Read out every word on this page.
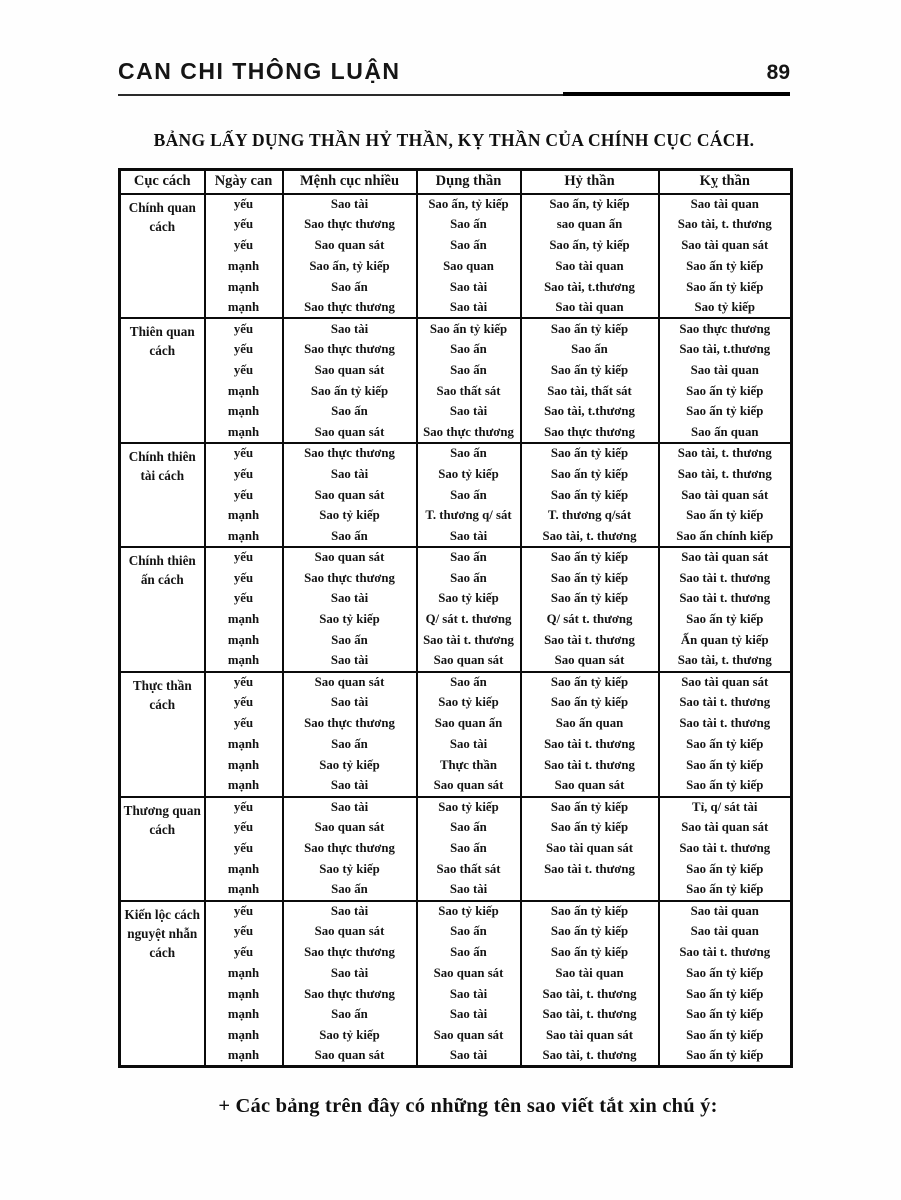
CAN CHI THÔNG LUẬN	89
BẢNG LẤY DỤNG THẦN HỶ THẦN, KỴ THẦN CỦA CHÍNH CỤC CÁCH.
Cục cách	Ngày can	Mệnh cục nhiều	Dụng thần	Hỷ thần	Kỵ thần
Chính quan cách	yếu	Sao tài	Sao ấn, tỷ kiếp	Sao ấn, tỷ kiếp	Sao tài quan
	yếu	Sao thực thương	Sao ấn	sao quan ấn	Sao tài, t. thương
	yếu	Sao quan sát	Sao ấn	Sao ấn, tỷ kiếp	Sao tài quan sát
	mạnh	Sao ấn, tỷ kiếp	Sao quan	Sao tài quan	Sao ấn tỷ kiếp
	mạnh	Sao ấn	Sao tài	Sao tài, t.thương	Sao ấn tỷ kiếp
	mạnh	Sao thực thương	Sao tài	Sao tài quan	Sao tỷ kiếp
Thiên quan cách	yếu	Sao tài	Sao ấn tỷ kiếp	Sao ấn tỷ kiếp	Sao thực thương
	yếu	Sao thực thương	Sao ấn	Sao ấn	Sao tài, t.thương
	yếu	Sao quan sát	Sao ấn	Sao ấn tỷ kiếp	Sao tài quan
	mạnh	Sao ấn tỷ kiếp	Sao thất sát	Sao tài, thất sát	Sao ấn tỷ kiếp
	mạnh	Sao ấn	Sao tài	Sao tài, t.thương	Sao ấn tỷ kiếp
	mạnh	Sao quan sát	Sao thực thương	Sao thực thương	Sao ấn quan
Chính thiên tài cách	yếu	Sao thực thương	Sao ấn	Sao ấn tỷ kiếp	Sao tài, t. thương
	yếu	Sao tài	Sao tỷ kiếp	Sao ấn tỷ kiếp	Sao tài, t. thương
	yếu	Sao quan sát	Sao ấn	Sao ấn tỷ kiếp	Sao tài quan sát
	mạnh	Sao tỷ kiếp	T. thương q/ sát	T. thương q/sát	Sao ấn tỷ kiếp
	mạnh	Sao ấn	Sao tài	Sao tài, t. thương	Sao ấn chính kiếp
Chính thiên ấn cách	yếu	Sao quan sát	Sao ấn	Sao ấn tỷ kiếp	Sao tài quan sát
	yếu	Sao thực thương	Sao ấn	Sao ấn tỷ kiếp	Sao tài t. thương
	yếu	Sao tài	Sao tỷ kiếp	Sao ấn tỷ kiếp	Sao tài t. thương
	mạnh	Sao tỷ kiếp	Q/ sát t. thương	Q/ sát t. thương	Sao ấn tỷ kiếp
	mạnh	Sao ấn	Sao tài t. thương	Sao tài t. thương	Ấn quan tỷ kiếp
	mạnh	Sao tài	Sao quan sát	Sao quan sát	Sao tài, t. thương
Thực thần cách	yếu	Sao quan sát	Sao ấn	Sao ấn tỷ kiếp	Sao tài quan sát
	yếu	Sao tài	Sao tỷ kiếp	Sao ấn tỷ kiếp	Sao tài t. thương
	yếu	Sao thực thương	Sao quan ấn	Sao ấn quan	Sao tài t. thương
	mạnh	Sao ấn	Sao tài	Sao tài t. thương	Sao ấn tỷ kiếp
	mạnh	Sao tỷ kiếp	Thực thần	Sao tài t. thương	Sao ấn tỷ kiếp
	mạnh	Sao tài	Sao quan sát	Sao quan sát	Sao ấn tỷ kiếp
Thương quan cách	yếu	Sao tài	Sao tỷ kiếp	Sao ấn tỷ kiếp	Tỉ, q/ sát tài
	yếu	Sao quan sát	Sao ấn	Sao ấn tỷ kiếp	Sao tài quan sát
	yếu	Sao thực thương	Sao ấn	Sao tài quan sát	Sao tài t. thương
	mạnh	Sao tỷ kiếp	Sao thất sát	Sao tài t. thương	Sao ấn tỷ kiếp
	mạnh	Sao ấn	Sao tài		Sao ấn tỷ kiếp
Kiến lộc cách nguyệt nhẫn cách	yếu	Sao tài	Sao tỷ kiếp	Sao ấn tỷ kiếp	Sao tài quan
	yếu	Sao quan sát	Sao ấn	Sao ấn tỷ kiếp	Sao tài quan
	yếu	Sao thực thương	Sao ấn	Sao ấn tỷ kiếp	Sao tài t. thương
	mạnh	Sao tài	Sao quan sát	Sao tài quan	Sao ấn tỷ kiếp
	mạnh	Sao thực thương	Sao tài	Sao tài, t. thương	Sao ấn tỷ kiếp
	mạnh	Sao ấn	Sao tài	Sao tài, t. thương	Sao ấn tỷ kiếp
	mạnh	Sao tỷ kiếp	Sao quan sát	Sao tài quan sát	Sao ấn tỷ kiếp
	mạnh	Sao quan sát	Sao tài	Sao tài, t. thương	Sao ấn tỷ kiếp
+ Các bảng trên đây có những tên sao viết tắt xin chú ý:
